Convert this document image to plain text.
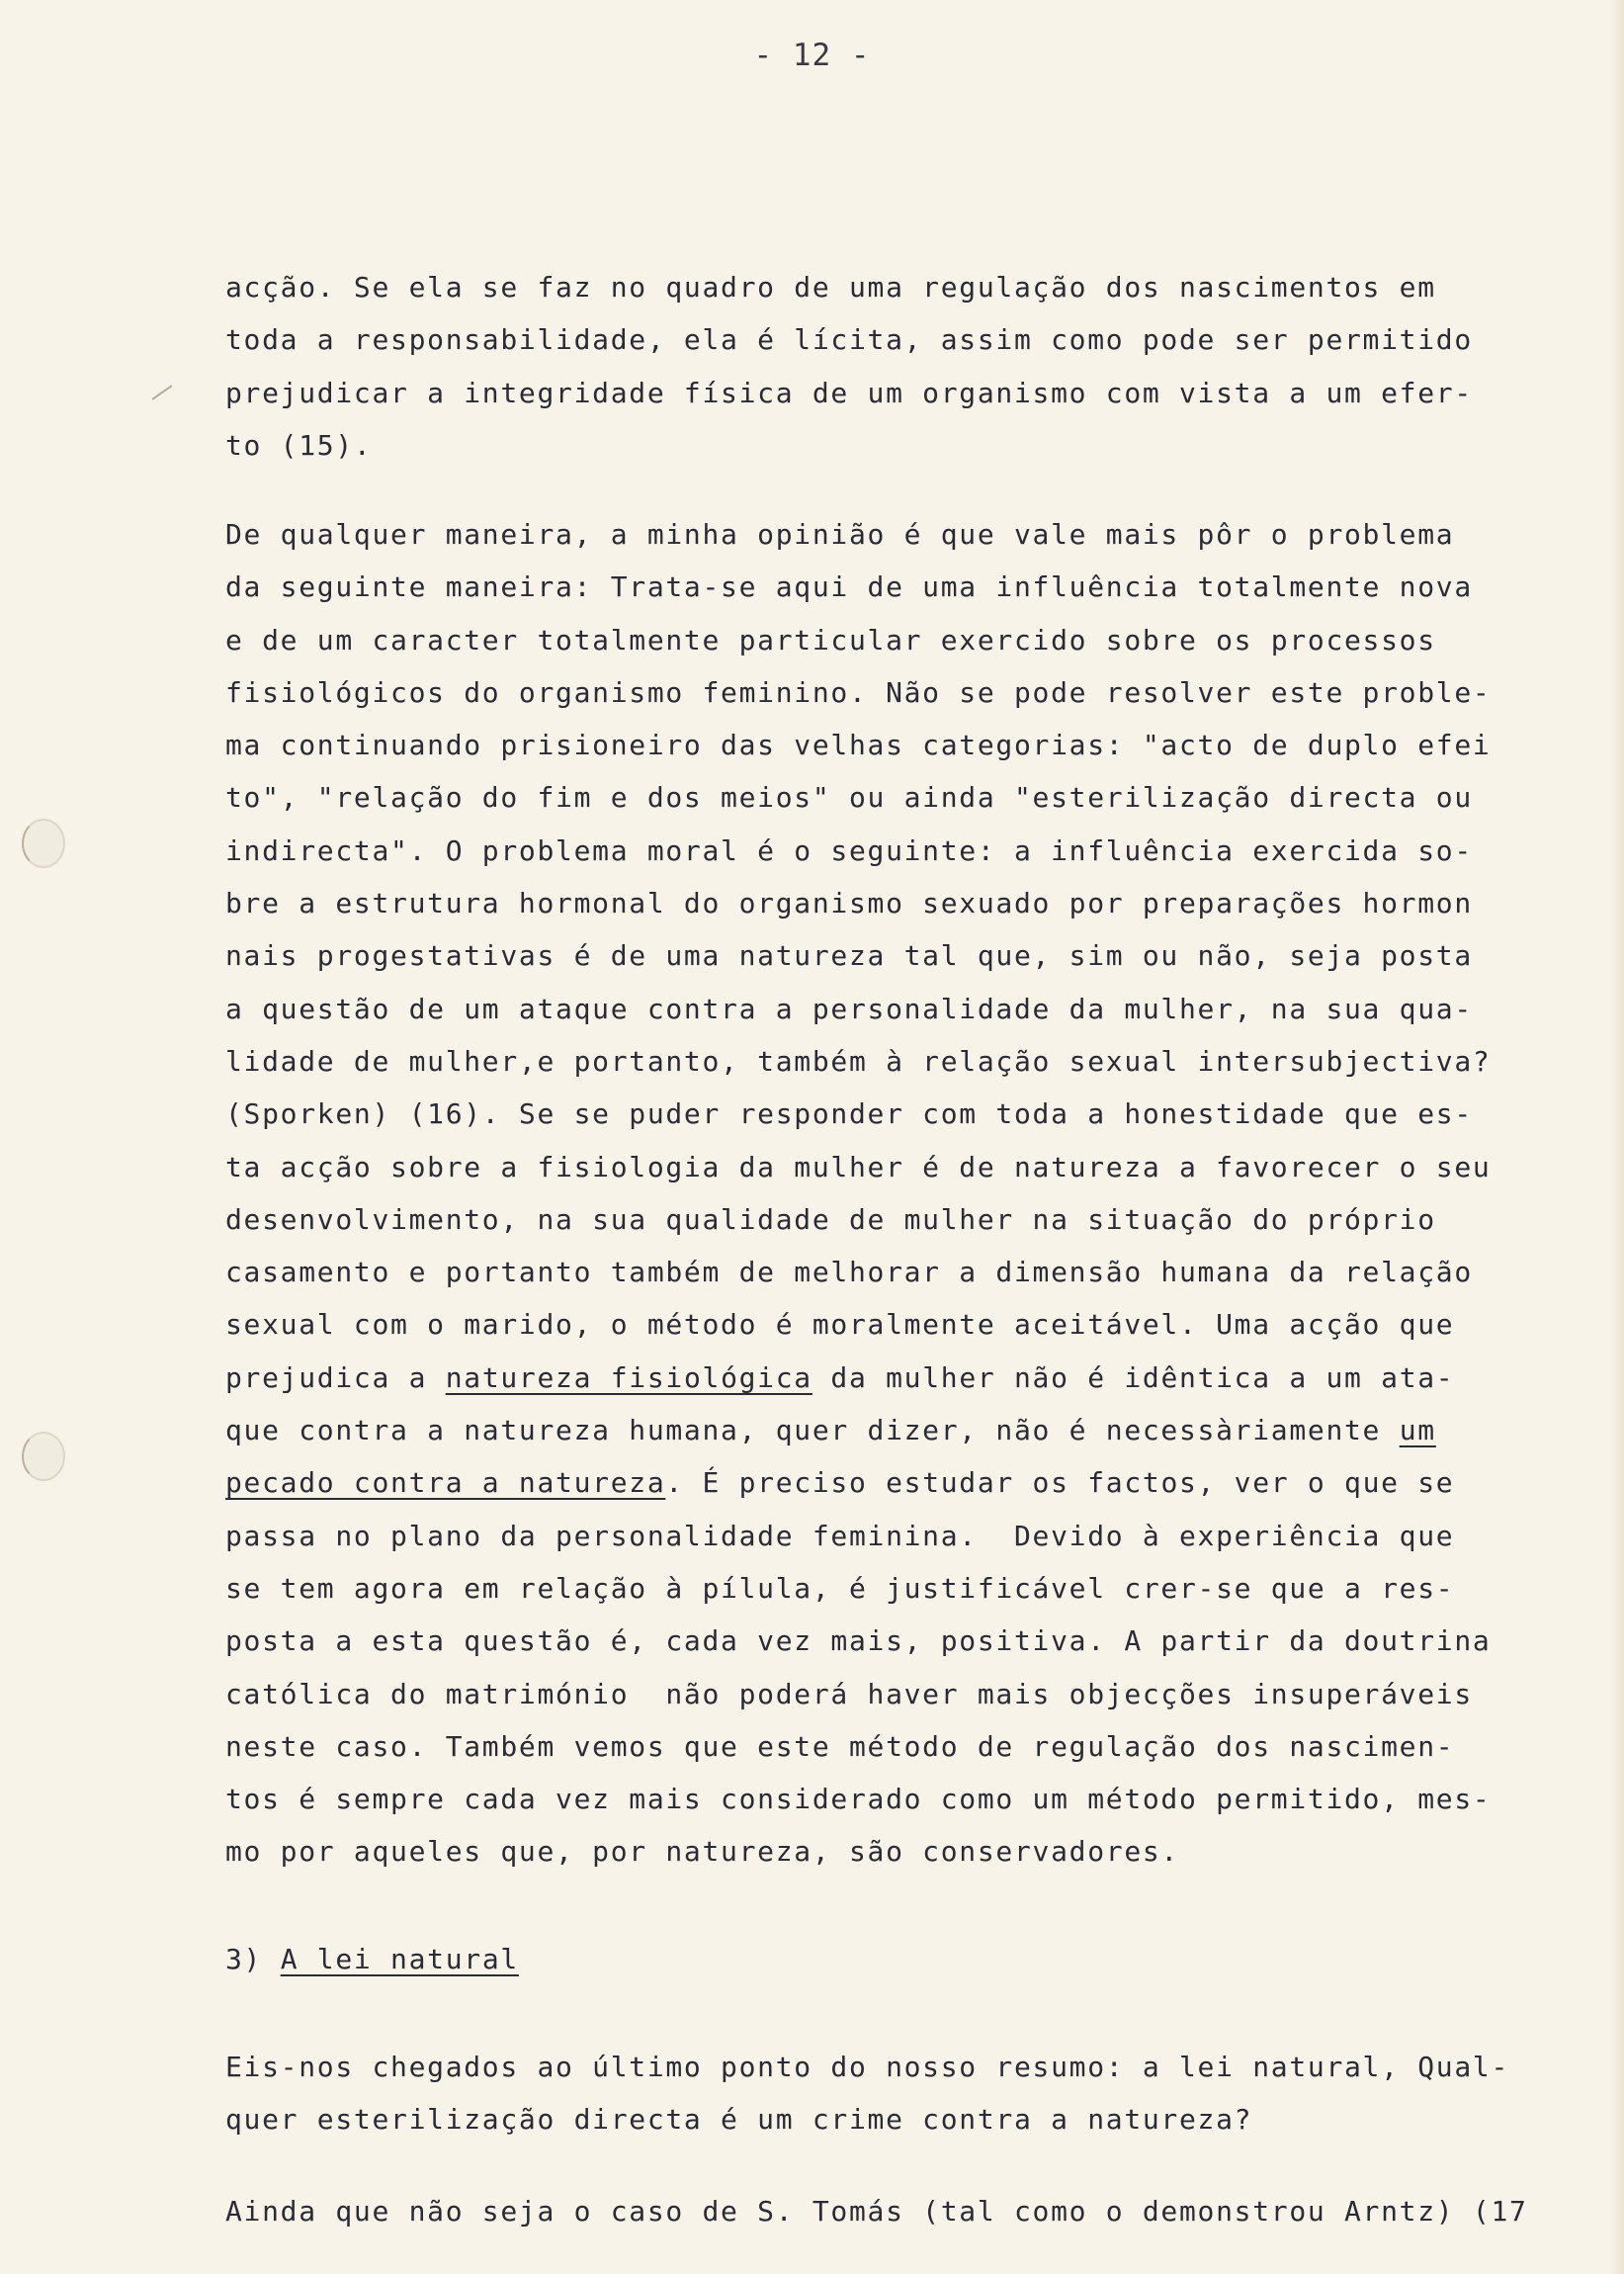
- 12 -
acção. Se ela se faz no quadro de uma regulação dos nascimentos em
toda a responsabilidade, ela é lícita, assim como pode ser permitido
prejudicar a integridade física de um organismo com vista a um efer-
to (15).
De qualquer maneira, a minha opinião é que vale mais pôr o problema
da seguinte maneira: Trata-se aqui de uma influência totalmente nova
e de um caracter totalmente particular exercido sobre os processos
fisiológicos do organismo feminino. Não se pode resolver este proble-
ma continuando prisioneiro das velhas categorias: "acto de duplo efei
to", "relação do fim e dos meios" ou ainda "esterilização directa ou
indirecta". O problema moral é o seguinte: a influência exercida so-
bre a estrutura hormonal do organismo sexuado por preparações hormon
nais progestativas é de uma natureza tal que, sim ou não, seja posta
a questão de um ataque contra a personalidade da mulher, na sua qua-
lidade de mulher,e portanto, também à relação sexual intersubjectiva?
(Sporken) (16). Se se puder responder com toda a honestidade que es-
ta acção sobre a fisiologia da mulher é de natureza a favorecer o seu
desenvolvimento, na sua qualidade de mulher na situação do próprio
casamento e portanto também de melhorar a dimensão humana da relação
sexual com o marido, o método é moralmente aceitável. Uma acção que
prejudica a natureza fisiológica da mulher não é idêntica a um ata-
que contra a natureza humana, quer dizer, não é necessàriamente um
pecado contra a natureza. É preciso estudar os factos, ver o que se
passa no plano da personalidade feminina.  Devido à experiência que
se tem agora em relação à pílula, é justificável crer-se que a res-
posta a esta questão é, cada vez mais, positiva. A partir da doutrina
católica do matrimónio  não poderá haver mais objecções insuperáveis
neste caso. Também vemos que este método de regulação dos nascimen-
tos é sempre cada vez mais considerado como um método permitido, mes-
mo por aqueles que, por natureza, são conservadores.
3) A lei natural
Eis-nos chegados ao último ponto do nosso resumo: a lei natural, Qual-
quer esterilização directa é um crime contra a natureza?
Ainda que não seja o caso de S. Tomás (tal como o demonstrou Arntz) (17
